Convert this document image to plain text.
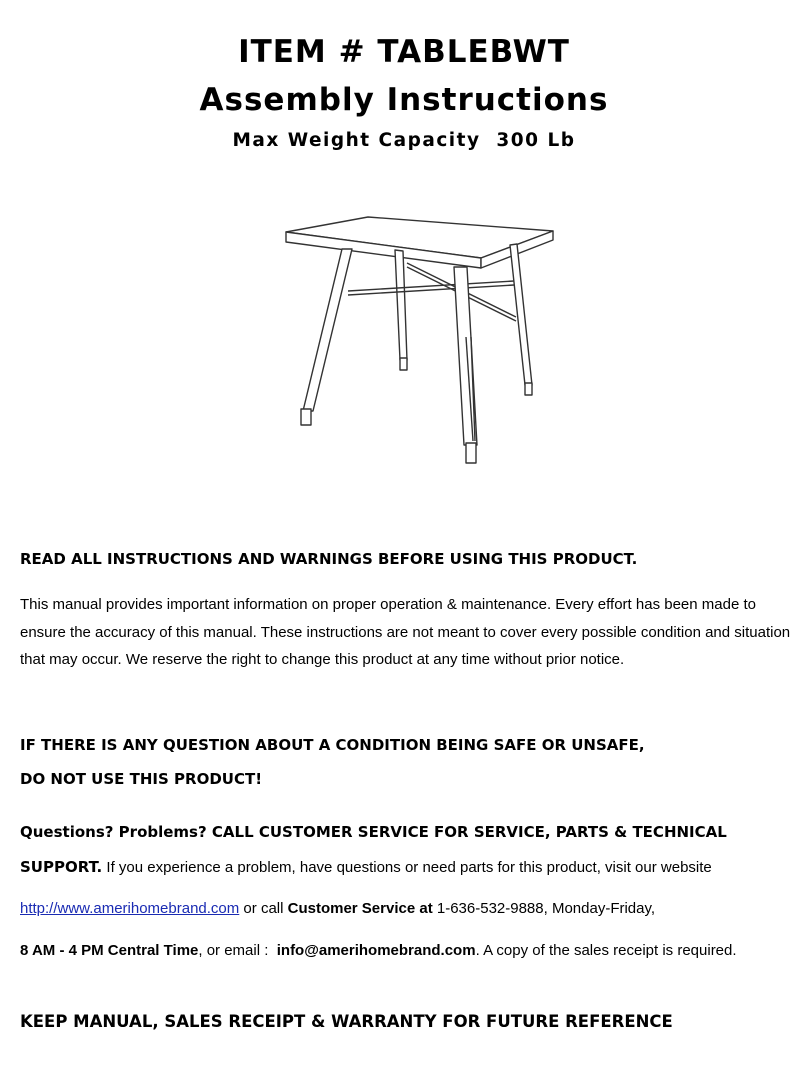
ITEM # TABLEBWT

Assembly Instructions

Max Weight Capacity  300 Lb

READ ALL INSTRUCTIONS AND WARNINGS BEFORE USING THIS PRODUCT.

This manual provides important information on proper operation & maintenance. Every effort has been made to ensure the accuracy of this manual. These instructions are not meant to cover every possible condition and situation that may occur. We reserve the right to change this product at any time without prior notice.

IF THERE IS ANY QUESTION ABOUT A CONDITION BEING SAFE OR UNSAFE,
DO NOT USE THIS PRODUCT!

Questions? Problems? CALL CUSTOMER SERVICE FOR SERVICE, PARTS & TECHNICAL SUPPORT. If you experience a problem, have questions or need parts for this product, visit our website

http://www.amerihomebrand.com or call Customer Service at 1-636-532-9888, Monday-Friday,

8 AM - 4 PM Central Time, or email :  info@amerihomebrand.com. A copy of the sales receipt is required.

KEEP MANUAL, SALES RECEIPT & WARRANTY FOR FUTURE REFERENCE
